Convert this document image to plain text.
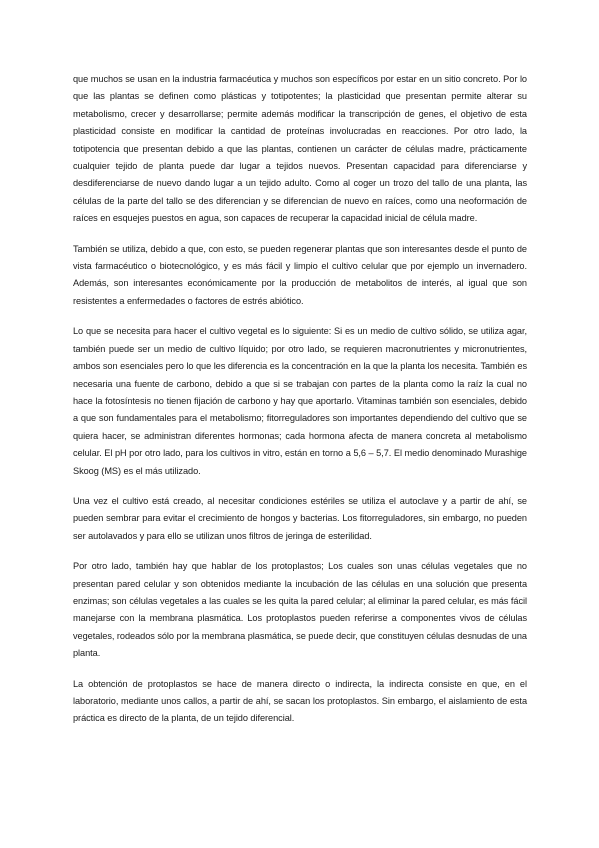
que muchos se usan en la industria farmacéutica y muchos son específicos por estar en un sitio concreto. Por lo que las plantas se definen como plásticas y totipotentes; la plasticidad que presentan permite alterar su metabolismo, crecer y desarrollarse; permite además modificar la transcripción de genes, el objetivo de esta plasticidad consiste en modificar la cantidad de proteínas involucradas en reacciones. Por otro lado, la totipotencia que presentan debido a que las plantas, contienen un carácter de células madre, prácticamente cualquier tejido de planta puede dar lugar a tejidos nuevos. Presentan capacidad para diferenciarse y desdiferenciarse de nuevo dando lugar a un tejido adulto. Como al coger un trozo del tallo de una planta, las células de la parte del tallo se des diferencian y se diferencian de nuevo en raíces, como una neoformación de raíces en esquejes puestos en agua, son capaces de recuperar la capacidad inicial de célula madre.

También se utiliza, debido a que, con esto, se pueden regenerar plantas que son interesantes desde el punto de vista farmacéutico o biotecnológico, y es más fácil y limpio el cultivo celular que por ejemplo un invernadero. Además, son interesantes económicamente por la producción de metabolitos de interés, al igual que son resistentes a enfermedades o factores de estrés abiótico.

Lo que se necesita para hacer el cultivo vegetal es lo siguiente: Si es un medio de cultivo sólido, se utiliza agar, también puede ser un medio de cultivo líquido; por otro lado, se requieren macronutrientes y micronutrientes, ambos son esenciales pero lo que les diferencia es la concentración en la que la planta los necesita. También es necesaria una fuente de carbono, debido a que si se trabajan con partes de la planta como la raíz la cual no hace la fotosíntesis no tienen fijación de carbono y hay que aportarlo. Vitaminas también son esenciales, debido a que son fundamentales para el metabolismo; fitorreguladores son importantes dependiendo del cultivo que se quiera hacer, se administran diferentes hormonas; cada hormona afecta de manera concreta al metabolismo celular. El pH por otro lado, para los cultivos in vitro, están en torno a 5,6 – 5,7. El medio denominado Murashige Skoog (MS) es el más utilizado.

Una vez el cultivo está creado, al necesitar condiciones estériles se utiliza el autoclave y a partir de ahí, se pueden sembrar para evitar el crecimiento de hongos y bacterias. Los fitorreguladores, sin embargo, no pueden ser autolavados y para ello se utilizan unos filtros de jeringa de esterilidad.

Por otro lado, también hay que hablar de los protoplastos; Los cuales son unas células vegetales que no presentan pared celular y son obtenidos mediante la incubación de las células en una solución que presenta enzimas; son células vegetales a las cuales se les quita la pared celular; al eliminar la pared celular, es más fácil manejarse con la membrana plasmática. Los protoplastos pueden referirse a componentes vivos de células vegetales, rodeados sólo por la membrana plasmática, se puede decir, que constituyen células desnudas de una planta.

La obtención de protoplastos se hace de manera directo o indirecta, la indirecta consiste en que, en el laboratorio, mediante unos callos, a partir de ahí, se sacan los protoplastos. Sin embargo, el aislamiento de esta práctica es directo de la planta, de un tejido diferencial.
